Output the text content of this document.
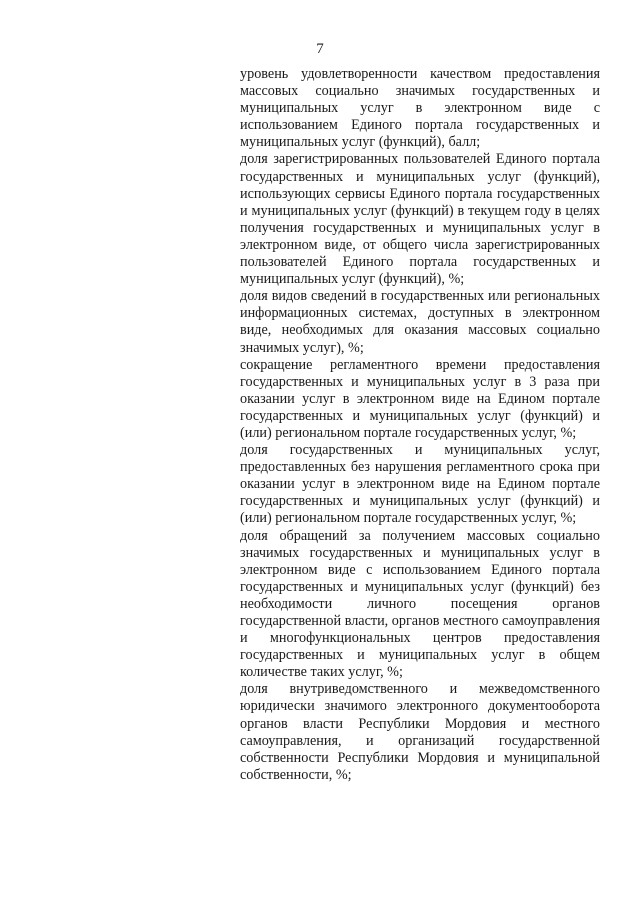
7

уровень удовлетворенности качеством предоставления массовых социально значимых государственных и муниципальных услуг в электронном виде с использованием Единого портала государственных и муниципальных услуг (функций), балл;

доля зарегистрированных пользователей Единого портала государственных и муниципальных услуг (функций), использующих сервисы Единого портала государственных и муниципальных услуг (функций) в текущем году в целях получения государственных и муниципальных услуг в электронном виде, от общего числа зарегистрированных пользователей Единого портала государственных и муниципальных услуг (функций), %;

доля видов сведений в государственных или региональных информационных системах, доступных в электронном виде, необходимых для оказания массовых социально значимых услуг), %;

сокращение регламентного времени предоставления государственных и муниципальных услуг в 3 раза при оказании услуг в электронном виде на Едином портале государственных и муниципальных услуг (функций) и (или) региональном портале государственных услуг, %;

доля государственных и муниципальных услуг, предоставленных без нарушения регламентного срока при оказании услуг в электронном виде на Едином портале государственных и муниципальных услуг (функций) и (или) региональном портале государственных услуг, %;

доля обращений за получением массовых социально значимых государственных и муниципальных услуг в электронном виде с использованием Единого портала государственных и муниципальных услуг (функций) без необходимости личного посещения органов государственной власти, органов местного самоуправления и многофункциональных центров предоставления государственных и муниципальных услуг в общем количестве таких услуг, %;

доля внутриведомственного и межведомственного юридически значимого электронного документооборота органов власти Республики Мордовия и местного самоуправления, и организаций государственной собственности Республики Мордовия и муниципальной собственности, %;
